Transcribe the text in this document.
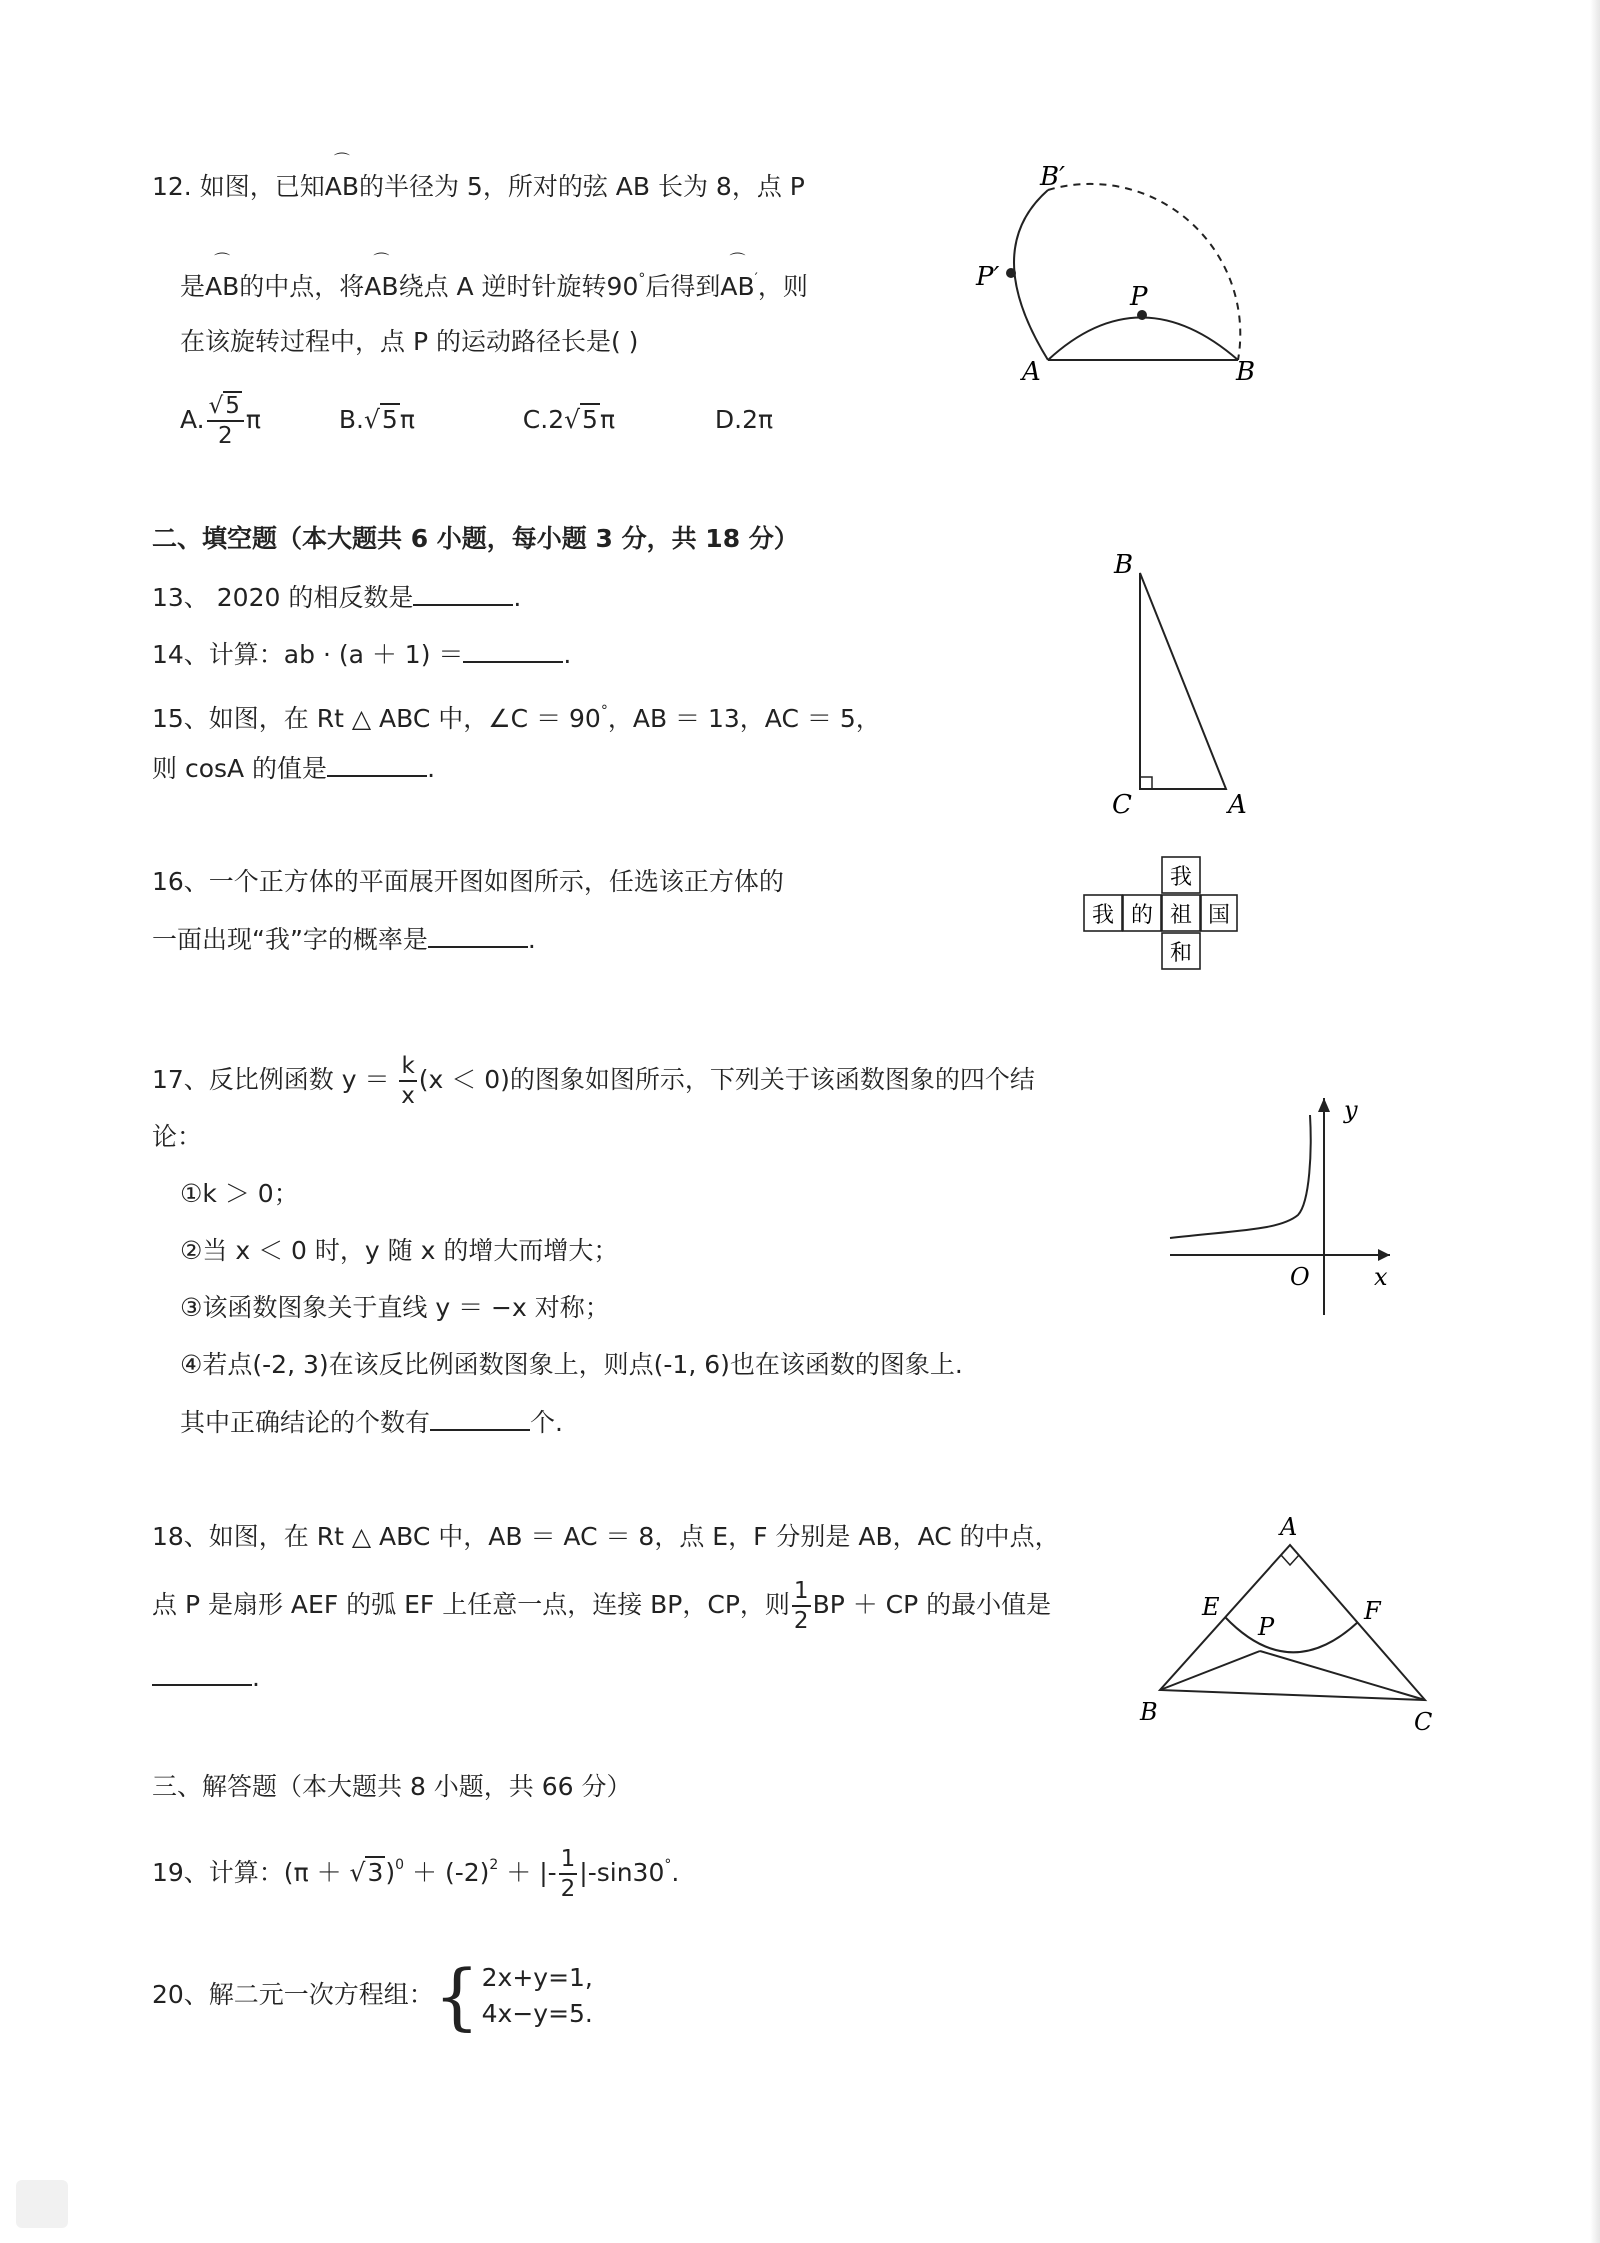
12. 如图，已知⌒ AB的半径为 5，所对的弦 AB 长为 8，点 P
是⌒ AB的中点，将⌒ AB绕点 A 逆时针旋转90°后得到⌒ AB′，则
在该旋转过程中，点 P 的运动路径长是( )
A. $\frac{√5}{2}$ π	B.√5π	C.2√5π	D.2π
B′
P′
P
A	B
二、填空题（本大题共 6 小题，每小题 3 分，共 18 分）
13、 2020 的相反数是	.
14、计算：ab · (a ＋ 1) ＝	.
15、如图，在 Rt △ ABC 中，∠C ＝ 90°，AB ＝ 13，AC ＝ 5，
则 cosA 的值是	.
B
C	A
16、一个正方体的平面展开图如图所示，任选该正方体的
一面出现“我”字的概率是	.
我
我 的 祖 国
和
17、反比例函数 $y = \frac{k}{x} (x < 0)$的图象如图所示，下列关于该函数图象的四个结
论：
①k ＞ 0；
②当 x ＜ 0 时，y 随 x 的增大而增大；
③该函数图象关于直线 y ＝ −x 对称；
④若点(-2, 3)在该反比例函数图象上，则点(-1, 6)也在该函数的图象上.
其中正确结论的个数有	个.
y
O	x
18、如图，在 Rt △ ABC 中，AB ＝ AC ＝ 8，点 E，F 分别是 AB，AC 的中点，
点 P 是扇形 AEF 的弧 EF 上任意一点，连接 BP，CP，则 $\frac{1}{2}$ BP ＋ CP 的最小值是
.
A
E
P
F
B	C
三、解答题（本大题共 8 小题，共 66 分）
19、计算：$(\pi + √3)^0 + (-2)^2$ ＋ |- $\frac{1}{2} |-\sin 30^\circ$.
20、解二元一次方程组： { 2x+y=1,
4x−y=5.
